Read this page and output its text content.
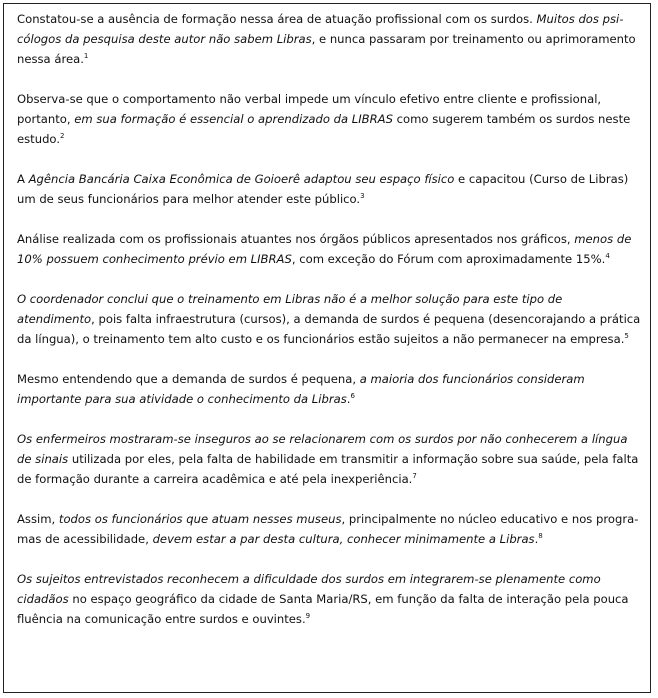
Constatou-se a ausência de formação nessa área de atuação profissional com os surdos. Muitos dos psi- cólogos da pesquisa deste autor não sabem Libras, e nunca passaram por treinamento ou aprimoramento nessa área.$^1$

Observa-se que o comportamento não verbal impede um vínculo efetivo entre cliente e profissional, portanto, em sua formação é essencial o aprendizado da LIBRAS como sugerem também os surdos neste estudo.$^2$

A Agência Bancária Caixa Econômica de Goioerê adaptou seu espaço físico e capacitou (Curso de Libras) um de seus funcionários para melhor atender este público.$^3$

Análise realizada com os profissionais atuantes nos órgãos públicos apresentados nos gráficos, menos de 10% possuem conhecimento prévio em LIBRAS, com exceção do Fórum com aproximadamente 15%.$^4$

O coordenador conclui que o treinamento em Libras não é a melhor solução para este tipo de atendimento, pois falta infraestrutura (cursos), a demanda de surdos é pequena (desencorajando a prática da língua), o treinamento tem alto custo e os funcionários estão sujeitos a não permanecer na empresa.$^5$

Mesmo entendendo que a demanda de surdos é pequena, a maioria dos funcionários consideram importante para sua atividade o conhecimento da Libras.$^6$

Os enfermeiros mostraram-se inseguros ao se relacionarem com os surdos por não conhecerem a língua de sinais utilizada por eles, pela falta de habilidade em transmitir a informação sobre sua saúde, pela falta de formação durante a carreira acadêmica e até pela inexperiência.$^7$

Assim, todos os funcionários que atuam nesses museus, principalmente no núcleo educativo e nos progra- mas de acessibilidade, devem estar a par desta cultura, conhecer minimamente a Libras.$^8$

Os sujeitos entrevistados reconhecem a dificuldade dos surdos em integrarem-se plenamente como cidadãos no espaço geográfico da cidade de Santa Maria/RS, em função da falta de interação pela pouca fluência na comunicação entre surdos e ouvintes.$^9$
